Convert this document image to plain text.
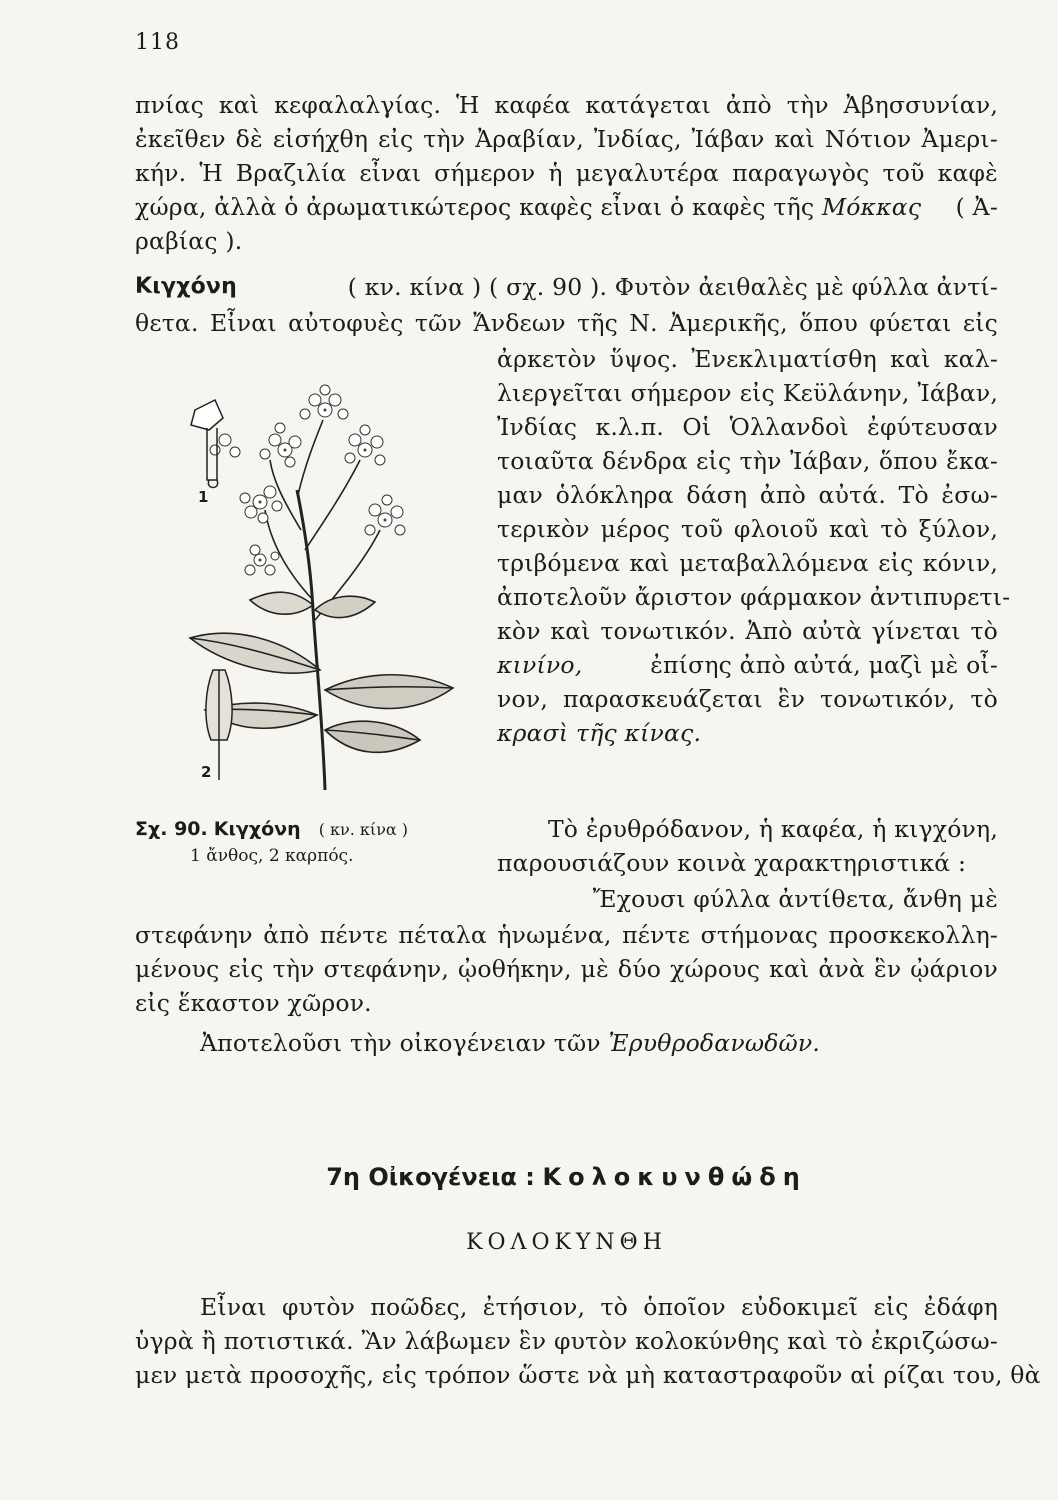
118
πνίας καὶ κεφαλαλγίας. Ἡ καφέα κατάγεται ἀπὸ τὴν Ἀβησσυνίαν,
ἐκεῖθεν δὲ εἰσήχθη εἰς τὴν Ἀραβίαν, Ἰνδίας, Ἰάβαν καὶ Νότιον Ἀμερι-
κήν. Ἡ Βραζιλία εἶναι σήμερον ἡ μεγαλυτέρα παραγωγὸς τοῦ καφὲ
χώρα, ἀλλὰ ὁ ἀρωματικώτερος καφὲς εἶναι ὁ καφὲς τῆς Μόκκας ( Ἀ-
ραβίας ).
Κιγχόνη	( κν. κίνα ) ( σχ. 90 ). Φυτὸν ἀειθαλὲς μὲ φύλλα ἀντί-
θετα. Εἶναι αὐτοφυὲς τῶν Ἄνδεων τῆς Ν. Ἀμερικῆς, ὅπου φύεται εἰς
ἀρκετὸν ὕψος. Ἐνεκλιματίσθη καὶ καλ-
λιεργεῖται σήμερον εἰς Κεϋλάνην, Ἰάβαν,
Ἰνδίας κ.λ.π. Οἱ Ὁλλανδοὶ ἐφύτευσαν
τοιαῦτα δένδρα εἰς τὴν Ἰάβαν, ὅπου ἔκα-
μαν ὁλόκληρα δάση ἀπὸ αὐτά. Τὸ ἐσω-
τερικὸν μέρος τοῦ φλοιοῦ καὶ τὸ ξύλον,
τριβόμενα καὶ μεταβαλλόμενα εἰς κόνιν,
ἀποτελοῦν ἄριστον φάρμακον ἀντιπυρετι-
κὸν καὶ τονωτικόν. Ἀπὸ αὐτὰ γίνεται τὸ
κινίνο,	ἐπίσης ἀπὸ αὐτά, μαζὶ μὲ οἶ-
νον, παρασκευάζεται ἓν τονωτικόν, τὸ
κρασὶ τῆς κίνας.
1
2
Σχ. 90. Κιγχόνη ( κν. κίνα )
1 ἄνθος, 2 καρπός.
Τὸ ἐρυθρόδανον, ἡ καφέα, ἡ κιγχόνη,
παρουσιάζουν κοινὰ χαρακτηριστικά :
Ἔχουσι φύλλα ἀντίθετα, ἄνθη μὲ
στεφάνην ἀπὸ πέντε πέταλα ἡνωμένα, πέντε στήμονας προσκεκολλη-
μένους εἰς τὴν στεφάνην, ᾠοθήκην, μὲ δύο χώρους καὶ ἀνὰ ἓν ᾠάριον
εἰς ἕκαστον χῶρον.
Ἀποτελοῦσι τὴν οἰκογένειαν τῶν Ἐρυθροδανωδῶν.
7η Οἰκογένεια : Κολοκυνθώδη
ΚΟΛΟΚΥΝΘΗ
Εἶναι φυτὸν ποῶδες, ἐτήσιον, τὸ ὁποῖον εὐδοκιμεῖ εἰς ἐδάφη
ὑγρὰ ἢ ποτιστικά. Ἂν λάβωμεν ἓν φυτὸν κολοκύνθης καὶ τὸ ἐκριζώσω-
μεν μετὰ προσοχῆς, εἰς τρόπον ὥστε νὰ μὴ καταστραφοῦν αἱ ρίζαι του, θὰ
